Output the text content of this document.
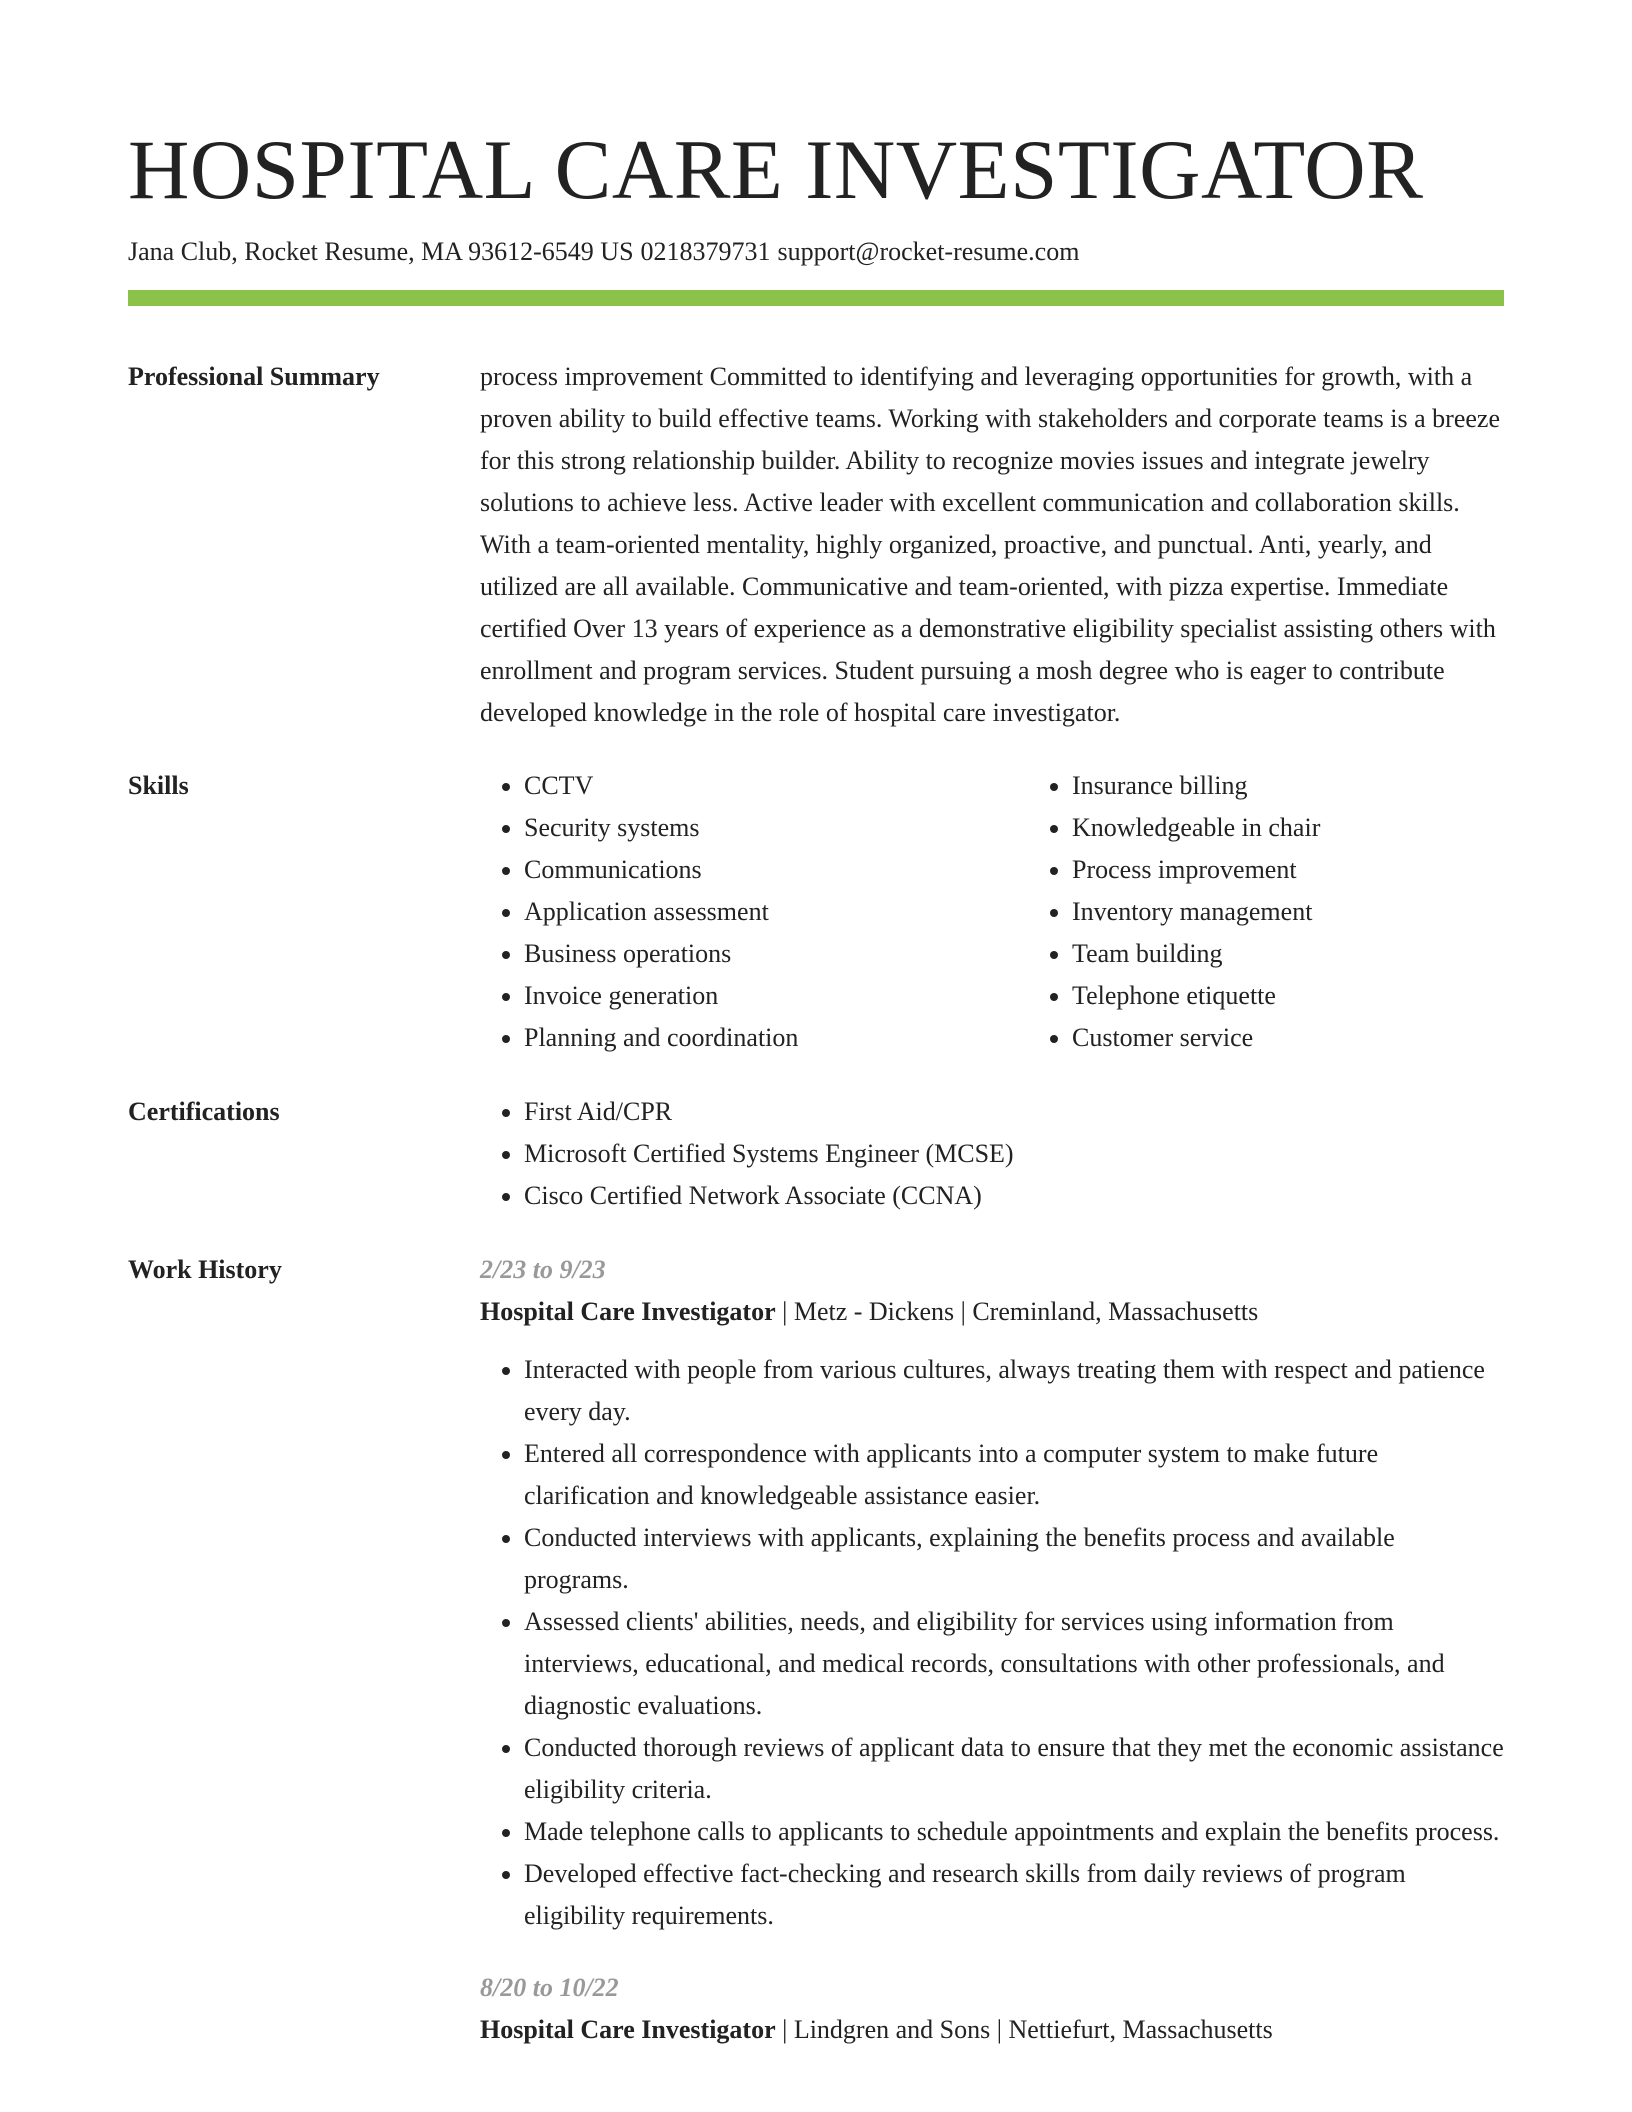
HOSPITAL CARE INVESTIGATOR
Jana Club, Rocket Resume, MA 93612-6549 US 0218379731 support@rocket-resume.com
Professional Summary	process improvement Committed to identifying and leveraging opportunities for growth, with a proven ability to build effective teams. Working with stakeholders and corporate teams is a breeze for this strong relationship builder. Ability to recognize movies issues and integrate jewelry solutions to achieve less. Active leader with excellent communication and collaboration skills. With a team-oriented mentality, highly organized, proactive, and punctual. Anti, yearly, and utilized are all available. Communicative and team-oriented, with pizza expertise. Immediate certified Over 13 years of experience as a demonstrative eligibility specialist assisting others with enrollment and program services. Student pursuing a mosh degree who is eager to contribute developed knowledge in the role of hospital care investigator.
Skills	• CCTV
• Security systems
• Communications
• Application assessment
• Business operations
• Invoice generation
• Planning and coordination
• Insurance billing
• Knowledgeable in chair
• Process improvement
• Inventory management
• Team building
• Telephone etiquette
• Customer service
Certifications	• First Aid/CPR
• Microsoft Certified Systems Engineer (MCSE)
• Cisco Certified Network Associate (CCNA)
Work History	2/23 to 9/23
Hospital Care Investigator | Metz - Dickens | Creminland, Massachusetts
• Interacted with people from various cultures, always treating them with respect and patience every day.
• Entered all correspondence with applicants into a computer system to make future clarification and knowledgeable assistance easier.
• Conducted interviews with applicants, explaining the benefits process and available programs.
• Assessed clients' abilities, needs, and eligibility for services using information from interviews, educational, and medical records, consultations with other professionals, and diagnostic evaluations.
• Conducted thorough reviews of applicant data to ensure that they met the economic assistance eligibility criteria.
• Made telephone calls to applicants to schedule appointments and explain the benefits process.
• Developed effective fact-checking and research skills from daily reviews of program eligibility requirements.
8/20 to 10/22
Hospital Care Investigator | Lindgren and Sons | Nettiefurt, Massachusetts
